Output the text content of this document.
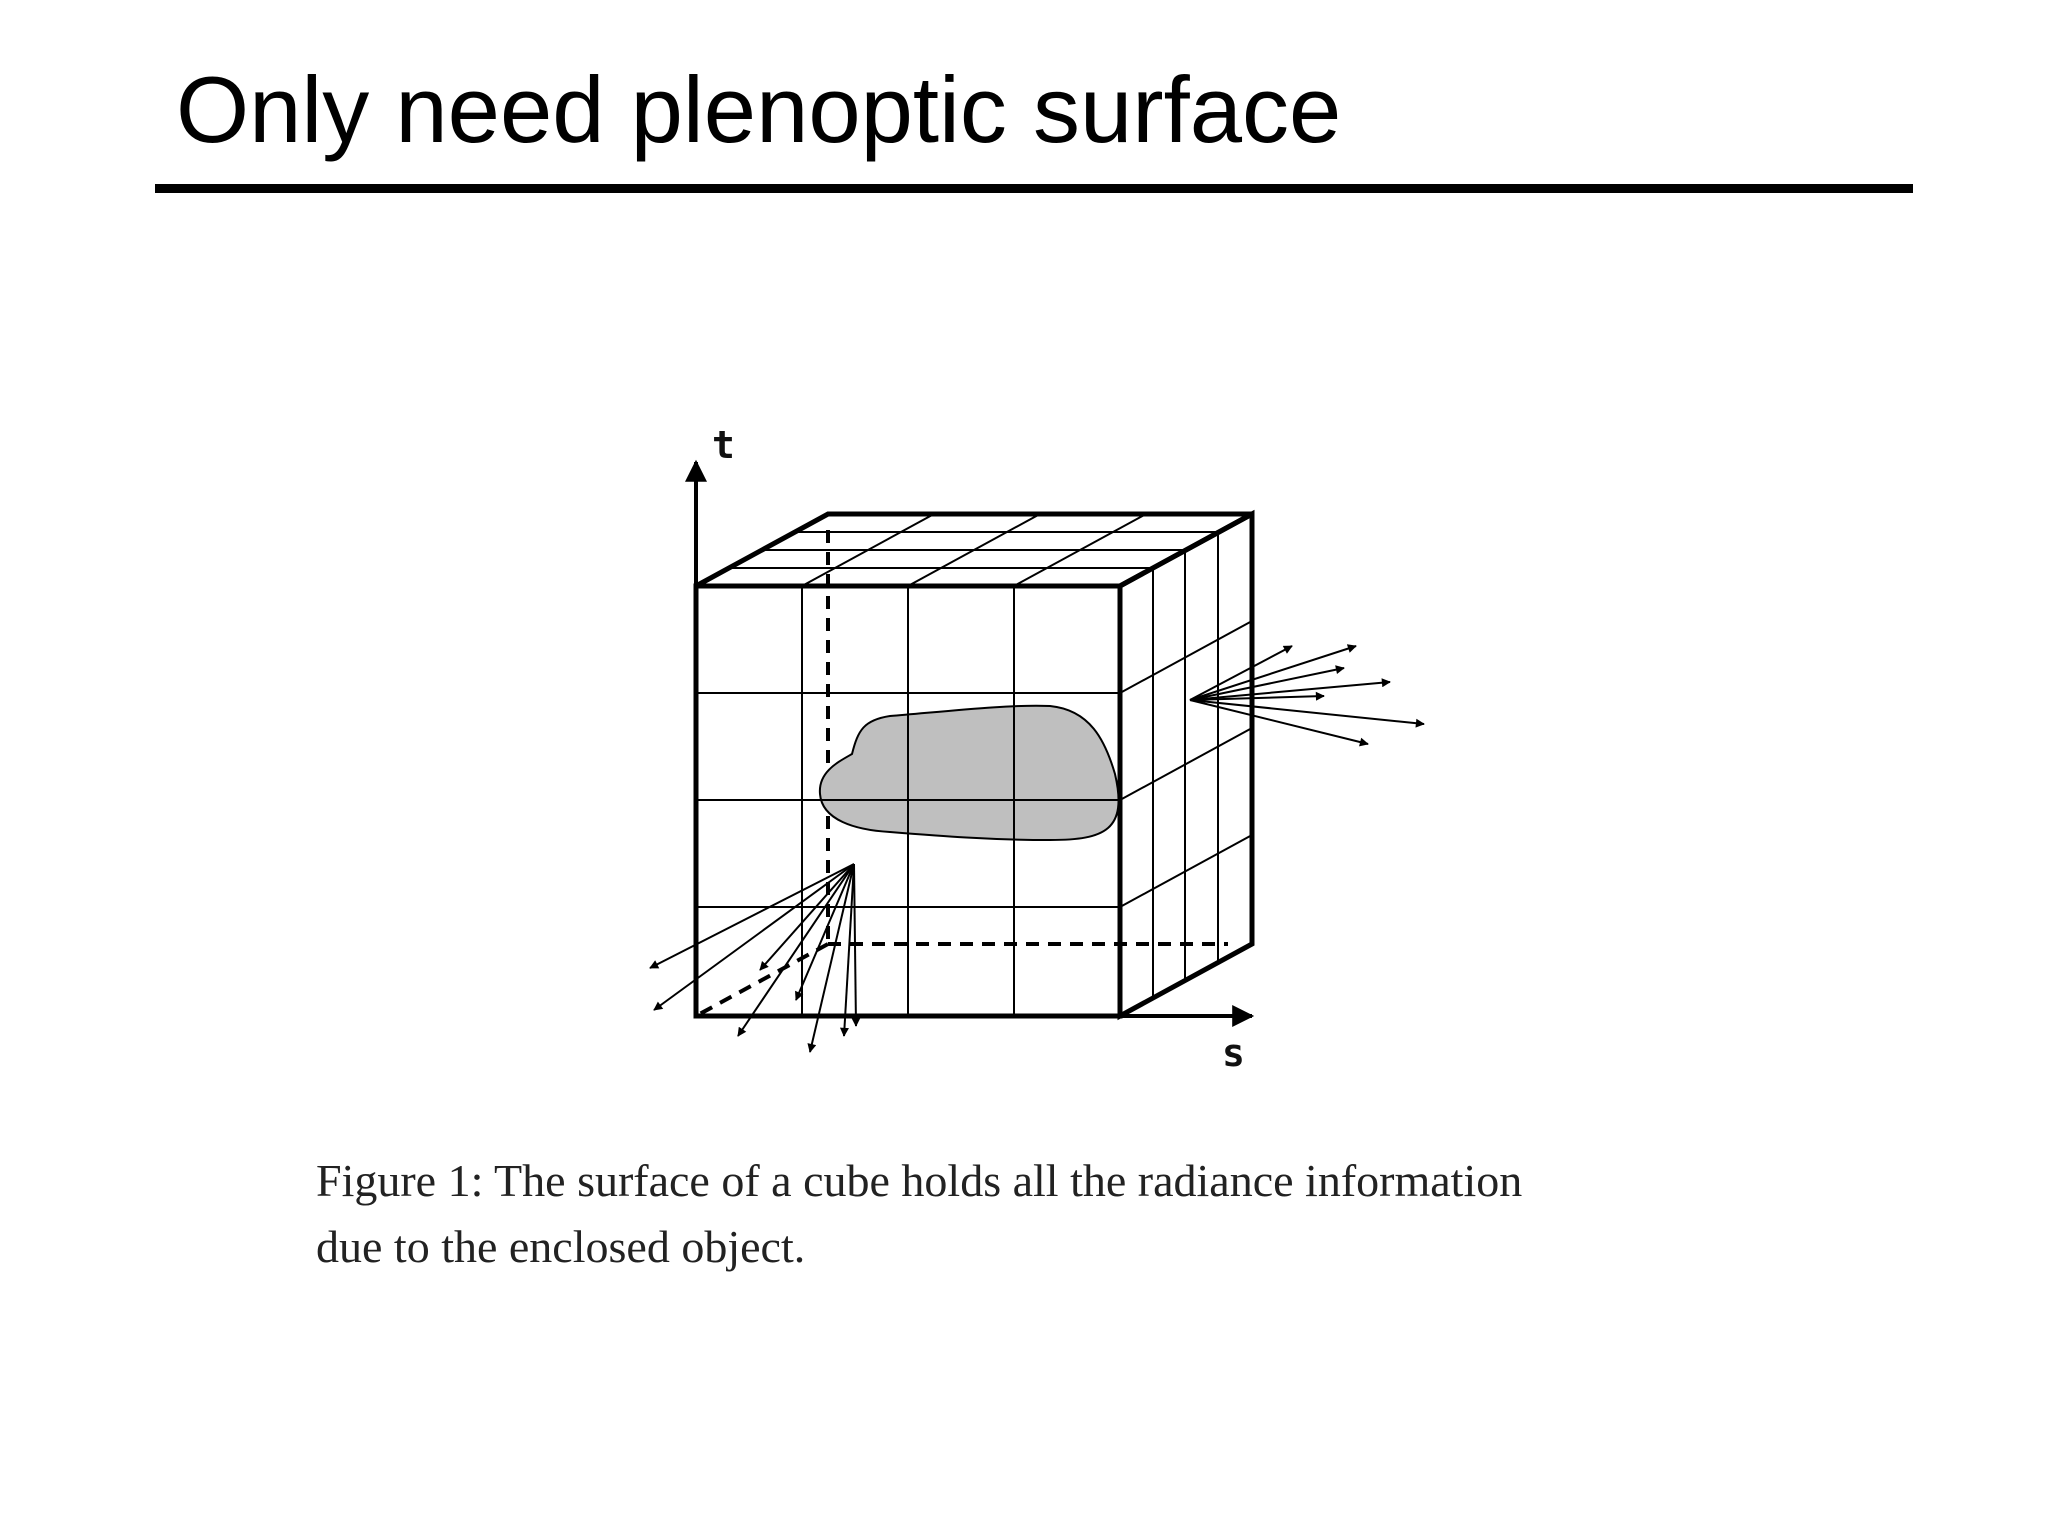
Only need plenoptic surface
t
s

Figure 1: The surface of a cube holds all the radiance information
due to the enclosed object.
